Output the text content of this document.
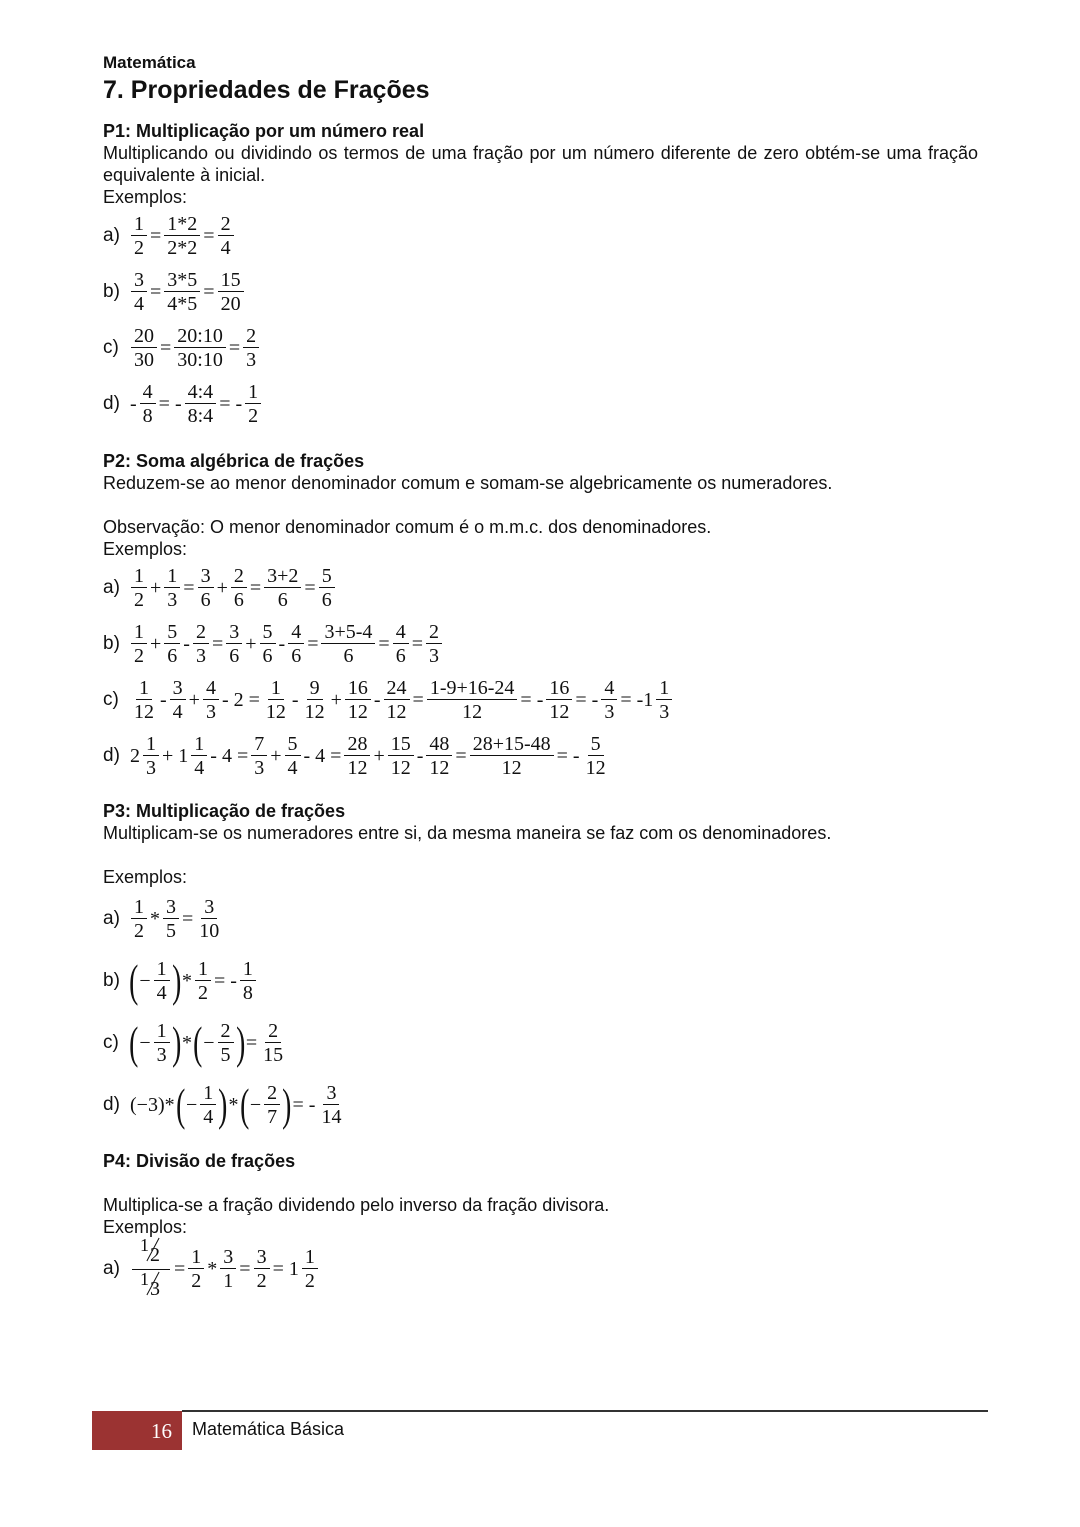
Matemática

7. Propriedades de Frações
P1: Multiplicação por um número real

Multiplicando ou dividindo os termos de uma fração por um número diferente de zero obtém-se uma fração equivalente à inicial.

Exemplos:

$a) \frac{1}{2} = \frac{1*2}{2*2} = \frac{2}{4}$
$b) \frac{3}{4} = \frac{3*5}{4*5} = \frac{15}{20}$
$c) \frac{20}{30} = \frac{20:10}{30:10} = \frac{2}{3}$
$d) - \frac{4}{8}$ = - $\frac{4:4}{8:4}$ = - $\frac{1}{2}$
P2: Soma algébrica de frações

Reduzem-se ao menor denominador comum e somam-se algebricamente os numeradores.

Observação: O menor denominador comum é o m.m.c. dos denominadores.

Exemplos:

$a) \frac{1}{2} + \frac{1}{3} = \frac{3}{6} + \frac{2}{6} = \frac{3+2}{6} = \frac{5}{6}$
$b) \frac{1}{2} + \frac{5}{6} - \frac{2}{3} = \frac{3}{6} + \frac{5}{6} - \frac{4}{6} = \frac{3+5-4}{6} = \frac{4}{6} = \frac{2}{3}$
$c) \frac{1}{12} - \frac{3}{4} + \frac{4}{3} - 2 = \frac{1}{12} - \frac{9}{12} + \frac{16}{12} - \frac{24}{12} = \frac{1-9+16-24}{12}$ = - $\frac{16}{12}$ = - $\frac{4}{3} = -1 \frac{1}{3}$
d) $2 \frac{1}{3} + 1 \frac{1}{4} - 4 = \frac{7}{3} + \frac{5}{4} - 4 = \frac{28}{12} + \frac{15}{12} - \frac{48}{12} = \frac{28+15-48}{12}$ = - $\frac{5}{12}$
P3: Multiplicação de frações

Multiplicam-se os numeradores entre si, da mesma maneira se faz com os denominadores.

Exemplos:

$a) \frac{1}{2} * \frac{3}{5} = \frac{3}{10}$
b) ( − $\frac{1}{4}$ ) * $\frac{1}{2}$ = - $\frac{1}{8}$
c) ( − $\frac{1}{3}$ ) * ( − $\frac{2}{5}$ ) = $\frac{2}{15}$
d) (−3)* ( − $\frac{1}{4}$ ) * ( − $\frac{2}{7}$ ) = - $\frac{3}{14}$
P4: Divisão de frações

Multiplica-se a fração dividendo pelo inverso da fração divisora.

Exemplos:

$a) \frac{1 2}{1 3} = \frac{1}{2} * \frac{3}{1} = \frac{3}{2} = 1 \frac{1}{2}$
16 Matemática Básica
